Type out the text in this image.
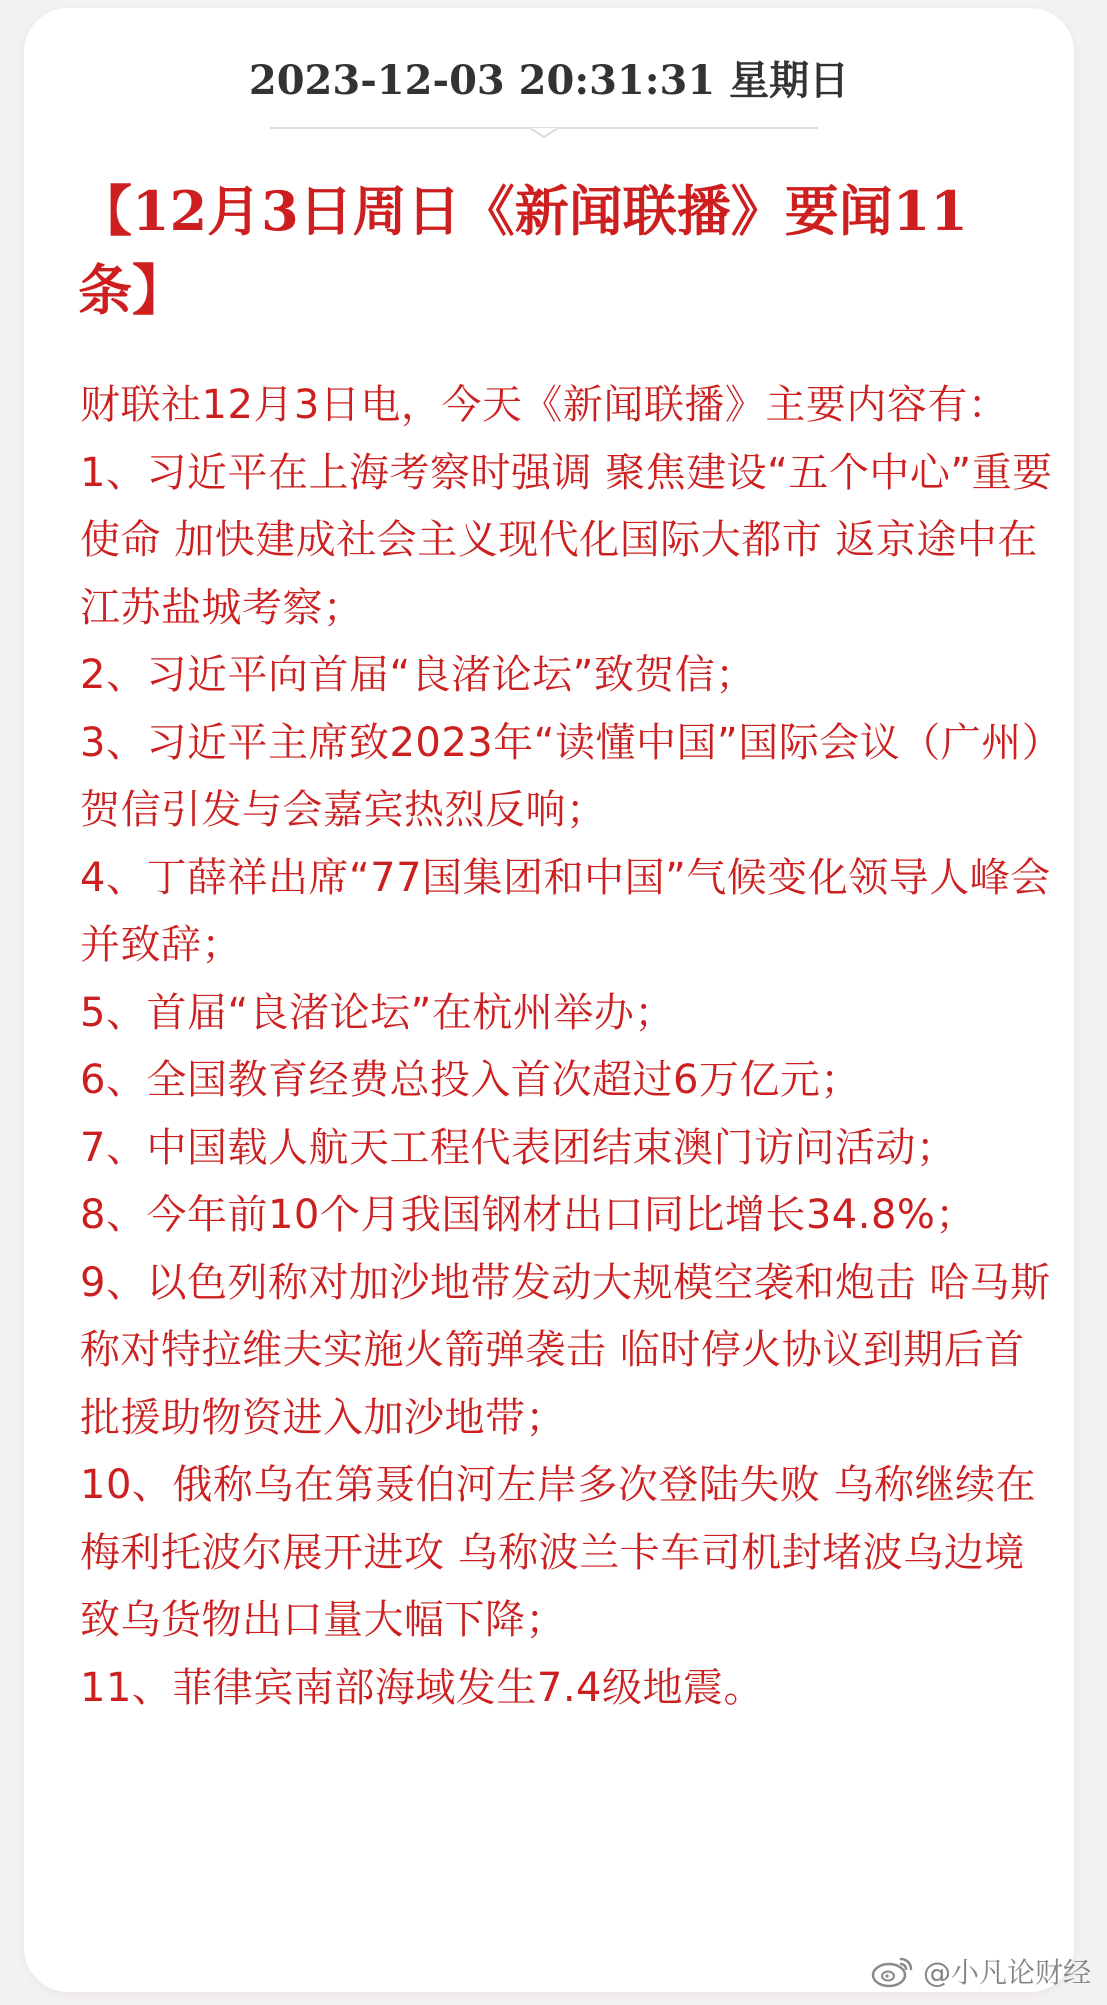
2023-12-03 20:31:31 星期日
【12月3日周日《新闻联播》要闻11条】

财联社12月3日电，今天《新闻联播》主要内容有：

1、习近平在上海考察时强调 聚焦建设“五个中心”重要使命 加快建成社会主义现代化国际大都市 返京途中在江苏盐城考察；

2、习近平向首届“良渚论坛”致贺信；

3、习近平主席致2023年“读懂中国”国际会议（广州）贺信引发与会嘉宾热烈反响；

4、丁薛祥出席“77国集团和中国”气候变化领导人峰会并致辞；

5、首届“良渚论坛”在杭州举办；

6、全国教育经费总投入首次超过6万亿元；

7、中国载人航天工程代表团结束澳门访问活动；

8、今年前10个月我国钢材出口同比增长34.8%；

9、以色列称对加沙地带发动大规模空袭和炮击 哈马斯称对特拉维夫实施火箭弹袭击 临时停火协议到期后首批援助物资进入加沙地带；

10、俄称乌在第聂伯河左岸多次登陆失败 乌称继续在梅利托波尔展开进攻 乌称波兰卡车司机封堵波乌边境致乌货物出口量大幅下降；

11、菲律宾南部海域发生7.4级地震。

@小凡论财经
